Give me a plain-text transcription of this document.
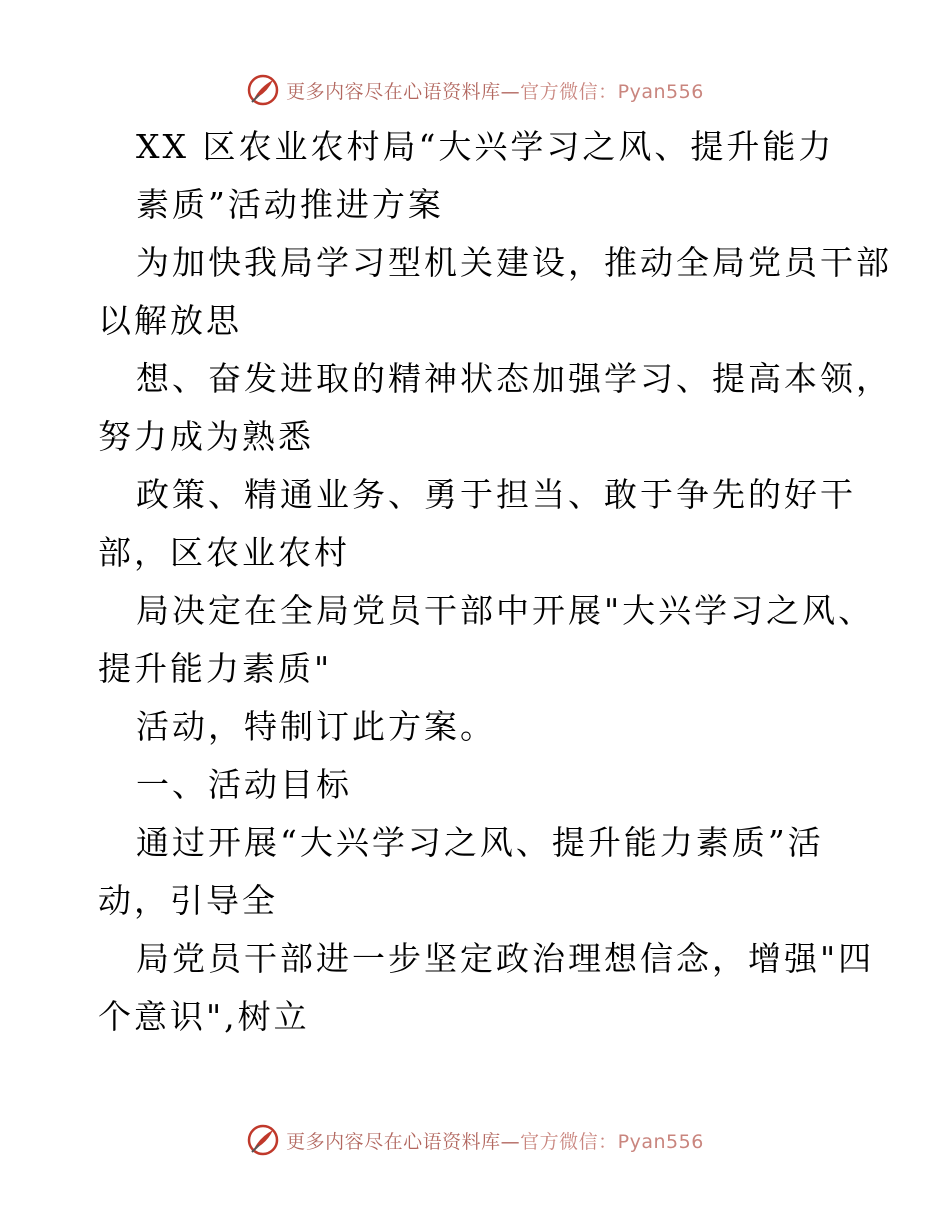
更多内容尽在心语资料库—官方微信：Pyan556
XX 区农业农村局“大兴学习之风、提升能力
素质”活动推进方案
为加快我局学习型机关建设，推动全局党员干部
以解放思
想、奋发进取的精神状态加强学习、提高本领，
努力成为熟悉
政策、精通业务、勇于担当、敢于争先的好干
部，区农业农村
局决定在全局党员干部中开展"大兴学习之风、
提升能力素质"
活动，特制订此方案。
一、活动目标
通过开展“大兴学习之风、提升能力素质”活
动，引导全
局党员干部进一步坚定政治理想信念，增强"四
个意识",树立
更多内容尽在心语资料库—官方微信：Pyan556
